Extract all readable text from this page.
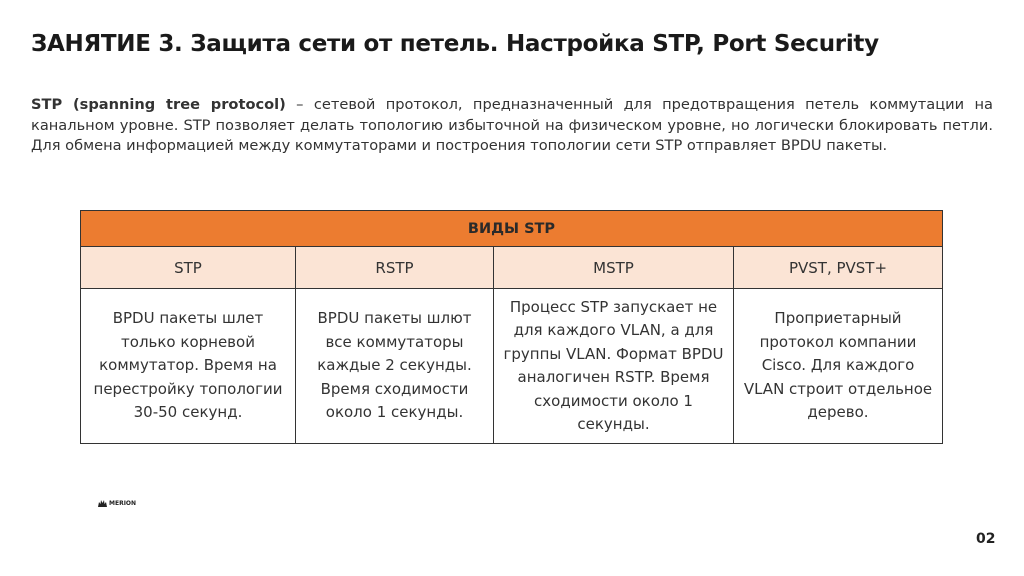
ЗАНЯТИЕ 3. Защита сети от петель. Настройка STP, Port Security

STP (spanning tree protocol) – сетевой протокол, предназначенный для предотвращения петель коммутации на канальном уровне. STP позволяет делать топологию избыточной на физическом уровне, но логически блокировать петли. Для обмена информацией между коммутаторами и построения топологии сети STP отправляет BPDU пакеты.

ВИДЫ STP			
STP	RSTP	MSTP	PVST, PVST+
BPDU пакеты шлет только корневой коммутатор. Время на перестройку топологии 30-50 секунд.	BPDU пакеты шлют все коммутаторы каждые 2 секунды. Время сходимости около 1 секунды.	Процесс STP запускает не для каждого VLAN, а для группы VLAN. Формат BPDU аналогичен RSTP. Время сходимости около 1 секунды.	Проприетарный протокол компании Cisco. Для каждого VLAN строит отдельное дерево.
MERION
02
